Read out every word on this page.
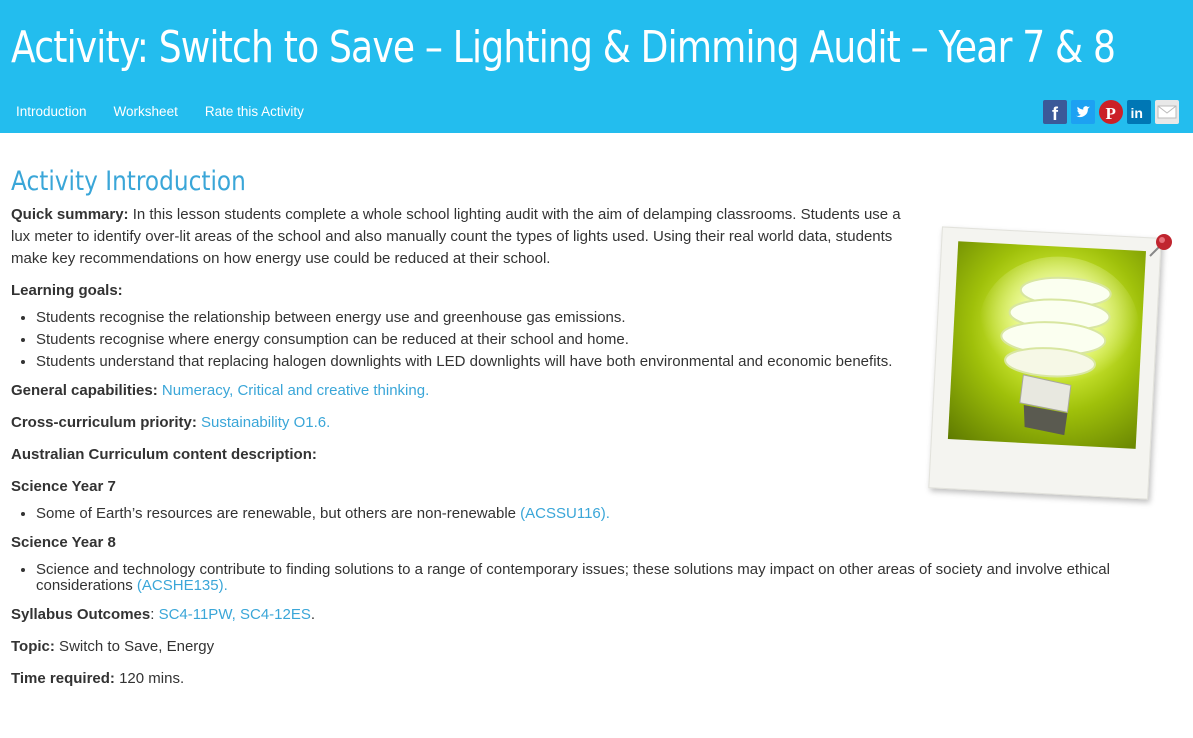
Activity: Switch to Save – Lighting & Dimming Audit – Year 7 & 8
Introduction Worksheet Rate this Activity	f	P in
Activity Introduction
Quick summary: In this lesson students complete a whole school lighting audit with the aim of delamping classrooms. Students use a lux meter to identify over-lit areas of the school and also manually count the types of lights used. Using their real world data, students make key recommendations on how energy use could be reduced at their school.
Learning goals:
• Students recognise the relationship between energy use and greenhouse gas emissions.
• Students recognise where energy consumption can be reduced at their school and home.
• Students understand that replacing halogen downlights with LED downlights will have both environmental and economic benefits.
General capabilities: Numeracy, Critical and creative thinking.
Cross-curriculum priority: Sustainability O1.6.
Australian Curriculum content description:
Science Year 7
• Some of Earth’s resources are renewable, but others are non-renewable (ACSSU116).
Science Year 8
• Science and technology contribute to finding solutions to a range of contemporary issues; these solutions may impact on other areas of society and involve ethical considerations (ACSHE135).
Syllabus Outcomes: SC4-11PW, SC4-12ES.
Topic: Switch to Save, Energy
Time required: 120 mins.
